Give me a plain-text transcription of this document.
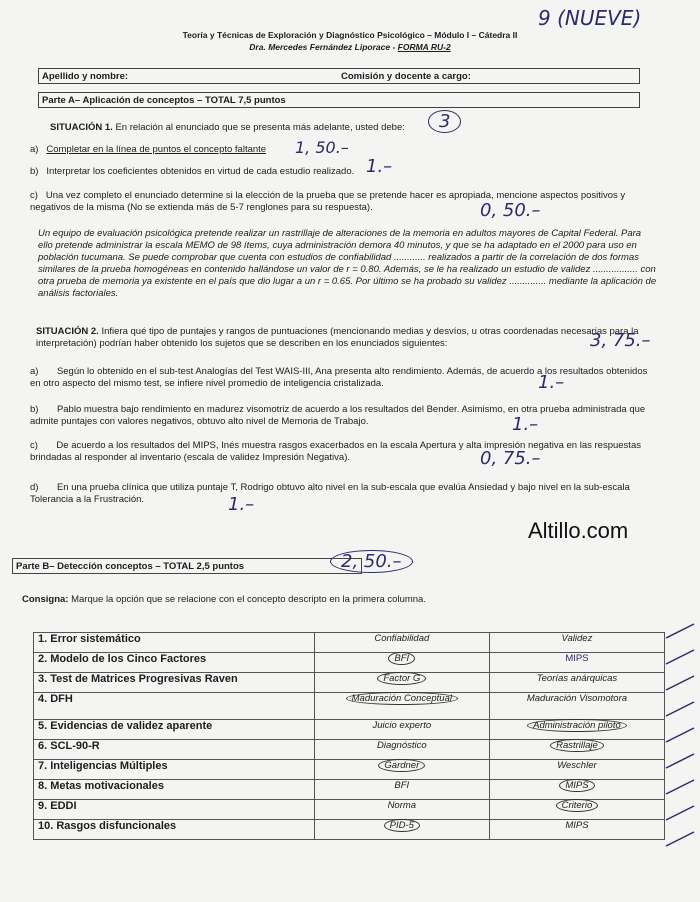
Teoría y Técnicas de Exploración y Diagnóstico Psicológico – Módulo I – Cátedra II
Dra. Mercedes Fernández Liporace - FORMA RU-2
9 (NUEVE)
Apellido y nombre:	Comisión y docente a cargo:
Parte A– Aplicación de conceptos – TOTAL 7,5 puntos
SITUACIÓN 1. En relación al enunciado que se presenta más adelante, usted debe:	3
a) Completar en la línea de puntos el concepto faltante	1, 50.–
b) Interpretar los coeficientes obtenidos en virtud de cada estudio realizado. 1.–
c) Una vez completo el enunciado determine si la elección de la prueba que se pretende hacer es apropiada, mencione aspectos positivos y negativos de la misma (No se extienda más de 5-7 renglones para su respuesta).	0, 50.–
Un equipo de evaluación psicológica pretende realizar un rastrillaje de alteraciones de la memoria en adultos mayores de Capital Federal. Para ello pretende administrar la escala MEMO de 98 ítems, cuya administración demora 40 minutos, y que se ha adaptado en el 2000 para uso en población tucumana. Se puede comprobar que cuenta con estudios de confiabilidad ............ realizados a partir de la correlación de dos formas similares de la prueba homogéneas en contenido hallándose un valor de r = 0.80. Además, se le ha realizado un estudio de validez ................. con otra prueba de memoria ya existente en el país que dio lugar a un r = 0.65. Por último se ha probado su validez .............. mediante la aplicación de análisis factoriales.
SITUACIÓN 2. Infiera qué tipo de puntajes y rangos de puntuaciones (mencionando medias y desvíos, u otras coordenadas necesarias para la interpretación) podrían haber obtenido los sujetos que se describen en los enunciados siguientes:	3, 75.–
a) Según lo obtenido en el sub-test Analogías del Test WAIS-III, Ana presenta alto rendimiento. Además, de acuerdo a los resultados obtenidos en otro aspecto del mismo test, se infiere nivel promedio de inteligencia cristalizada.	1.–
b) Pablo muestra bajo rendimiento en madurez visomotriz de acuerdo a los resultados del Bender. Asimismo, en otra prueba administrada que admite puntajes con valores negativos, obtuvo alto nivel de Memoria de Trabajo.	1.–
c) De acuerdo a los resultados del MIPS, Inés muestra rasgos exacerbados en la escala Apertura y alta impresión negativa en las respuestas brindadas al responder al inventario (escala de validez Impresión Negativa).	0, 75.–
d) En una prueba clínica que utiliza puntaje T, Rodrigo obtuvo alto nivel en la sub-escala que evalúa Ansiedad y bajo nivel en la sub-escala Tolerancia a la Frustración.	1.–
Altillo.com
Parte B– Detección conceptos – TOTAL 2,5 puntos	2, 50.–
Consigna: Marque la opción que se relacione con el concepto descripto en la primera columna.
1. Error sistemático	Confiabilidad	Validez
2. Modelo de los Cinco Factores	BFI	MIPS
3. Test de Matrices Progresivas Raven	Factor G	Teorías anárquicas
4. DFH	Maduración Conceptual	Maduración Visomotora
5. Evidencias de validez aparente	Juicio experto	Administración piloto
6. SCL-90-R	Diagnóstico	Rastrillaje
7. Inteligencias Múltiples	Gardner	Weschler
8. Metas motivacionales	BFI	MIPS
9. EDDI	Norma	Criterio
10. Rasgos disfuncionales	PID-5	MIPS
